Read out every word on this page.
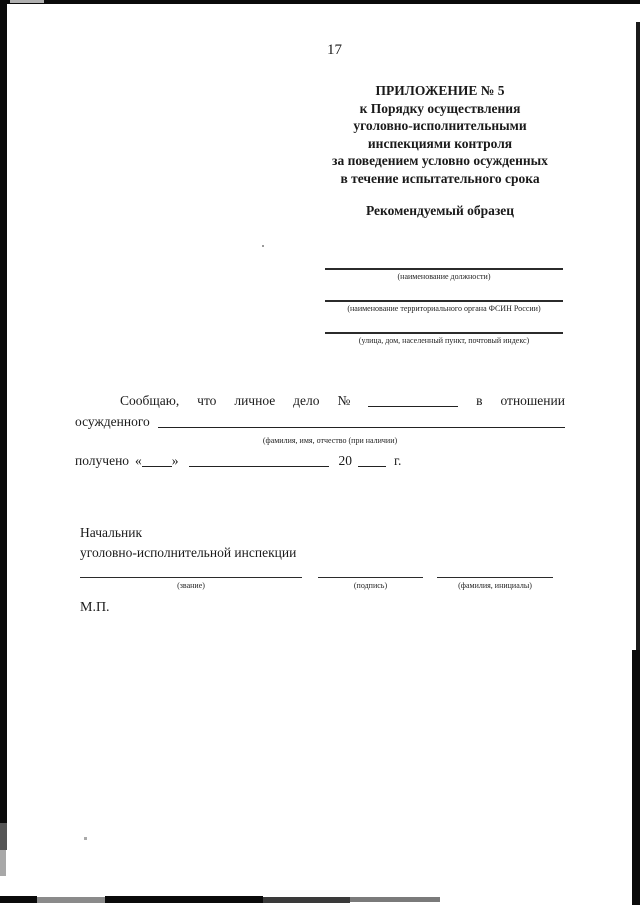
17
ПРИЛОЖЕНИЕ № 5
к Порядку осуществления
уголовно-исполнительными
инспекциями контроля
за поведением условно осужденных
в течение испытательного срока
Рекомендуемый образец
(наименование должности)
(наименование территориального органа ФСИН России)
(улица, дом, населенный пункт, почтовый индекс)
Сообщаю, что личное дело №	в отношении
осужденного
(фамилия, имя, отчество (при наличии)
получено « »	20	г.
Начальник
уголовно-исполнительной инспекции
(звание)	(подпись)	(фамилия, инициалы)
М.П.
